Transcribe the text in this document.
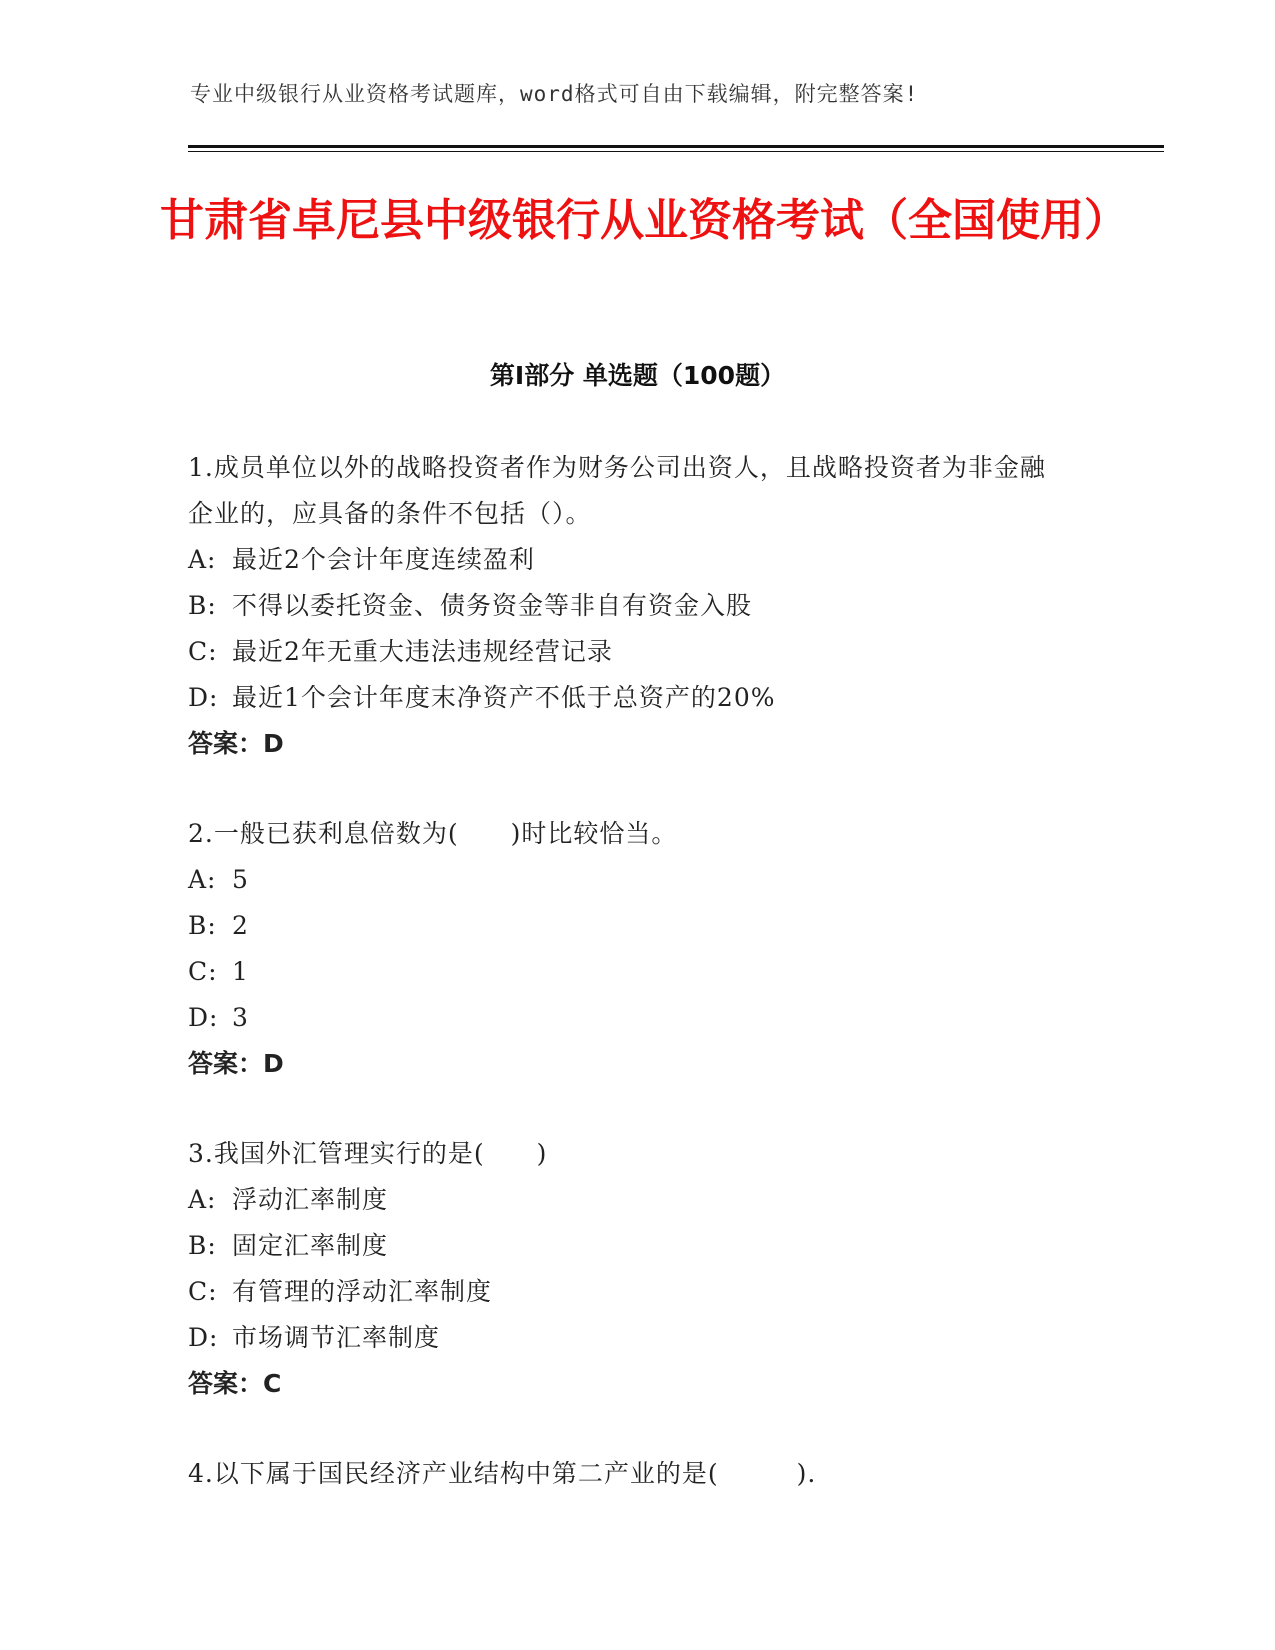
专业中级银行从业资格考试题库，word格式可自由下载编辑，附完整答案!
甘肃省卓尼县中级银行从业资格考试（全国使用）
第Ⅰ部分 单选题（100题）
1.成员单位以外的战略投资者作为财务公司出资人，且战略投资者为非金融企业的，应具备的条件不包括（）。
A: 最近2个会计年度连续盈利
B: 不得以委托资金、债务资金等非自有资金入股
C: 最近2年无重大违法违规经营记录
D: 最近1个会计年度末净资产不低于总资产的20%
答案：D
2.一般已获利息倍数为(　　)时比较恰当。
A: 5
B: 2
C: 1
D: 3
答案：D
3.我国外汇管理实行的是(　　)
A: 浮动汇率制度
B: 固定汇率制度
C: 有管理的浮动汇率制度
D: 市场调节汇率制度
答案：C
4.以下属于国民经济产业结构中第二产业的是(　　　).
